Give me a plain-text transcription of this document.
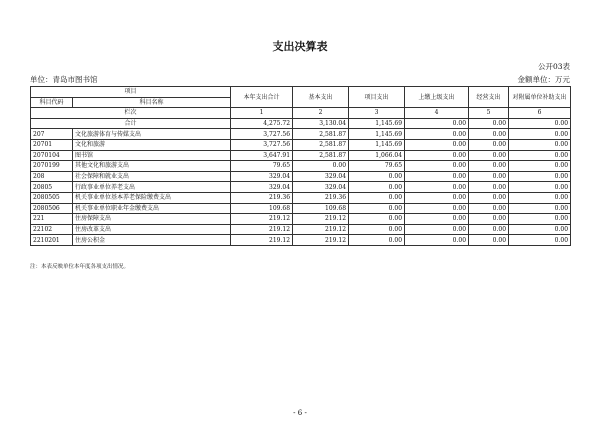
支出决算表
公开03表
单位：青岛市图书馆	金额单位：万元
项目		本年支出合计	基本支出	项目支出	上缴上级支出	经营支出	对附属单位补助支出
科目代码	科目名称						
栏次		1	2	3	4	5	6
合计		4,275.72	3,130.04	1,145.69	0.00	0.00	0.00
207	文化旅游体育与传媒支出	3,727.56	2,581.87	1,145.69	0.00	0.00	0.00
20701	文化和旅游	3,727.56	2,581.87	1,145.69	0.00	0.00	0.00
2070104	图书馆	3,647.91	2,581.87	1,066.04	0.00	0.00	0.00
2070199	其他文化和旅游支出	79.65	0.00	79.65	0.00	0.00	0.00
208	社会保障和就业支出	329.04	329.04	0.00	0.00	0.00	0.00
20805	行政事业单位养老支出	329.04	329.04	0.00	0.00	0.00	0.00
2080505	机关事业单位基本养老保险缴费支出	219.36	219.36	0.00	0.00	0.00	0.00
2080506	机关事业单位职业年金缴费支出	109.68	109.68	0.00	0.00	0.00	0.00
221	住房保障支出	219.12	219.12	0.00	0.00	0.00	0.00
22102	住房改革支出	219.12	219.12	0.00	0.00	0.00	0.00
2210201	住房公积金	219.12	219.12	0.00	0.00	0.00	0.00
注：本表反映单位本年度各项支出情况。
- 6 -
